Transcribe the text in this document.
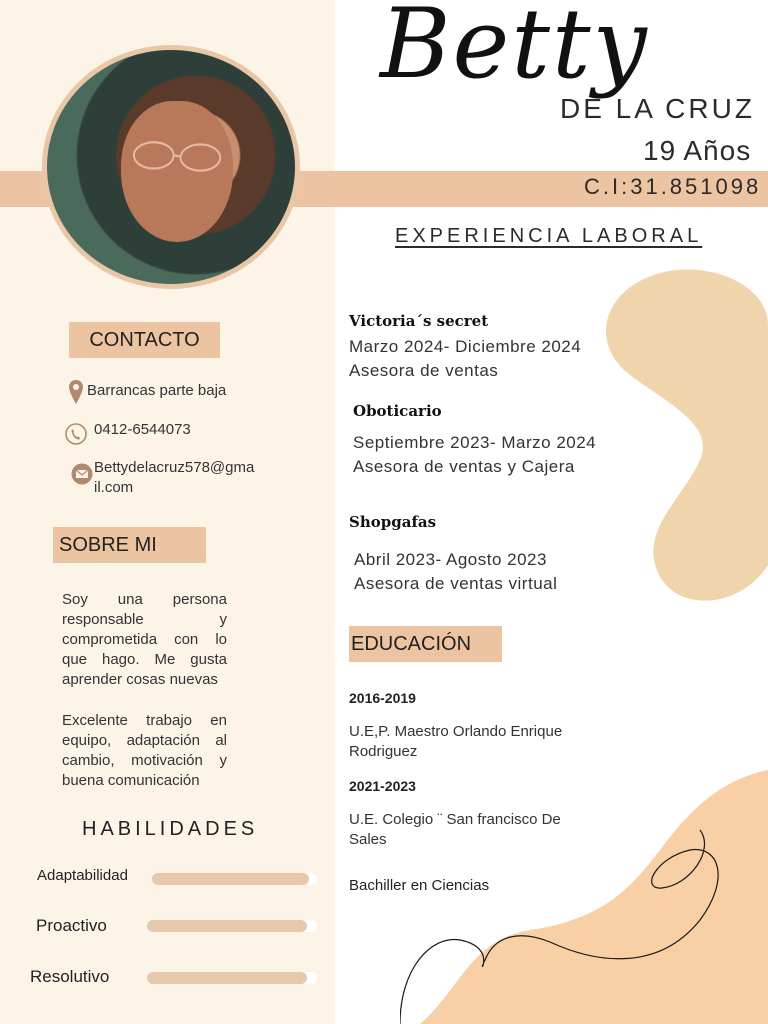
Betty

DE LA CRUZ

19 Años

C.I:31.851098

EXPERIENCIA LABORAL

Victoria´s secret

Marzo 2024- Diciembre 2024

Asesora de ventas

Oboticario

Septiembre 2023- Marzo 2024

Asesora de ventas y Cajera

Shopgafas

Abril 2023- Agosto 2023

Asesora de ventas virtual

EDUCACIÓN

2016-2019

U.E,P. Maestro Orlando Enrique Rodriguez

2021-2023

U.E. Colegio ¨ San francisco De Sales

Bachiller en Ciencias

CONTACTO

Barrancas parte baja

0412-6544073

Bettydelacruz578@gma

il.com

SOBRE MI

Soy una persona responsable y comprometida con lo que hago. Me gusta aprender cosas nuevas

Excelente trabajo en equipo, adaptación al cambio, motivación y buena comunicación

HABILIDADES

Adaptabilidad

Proactivo

Resolutivo
